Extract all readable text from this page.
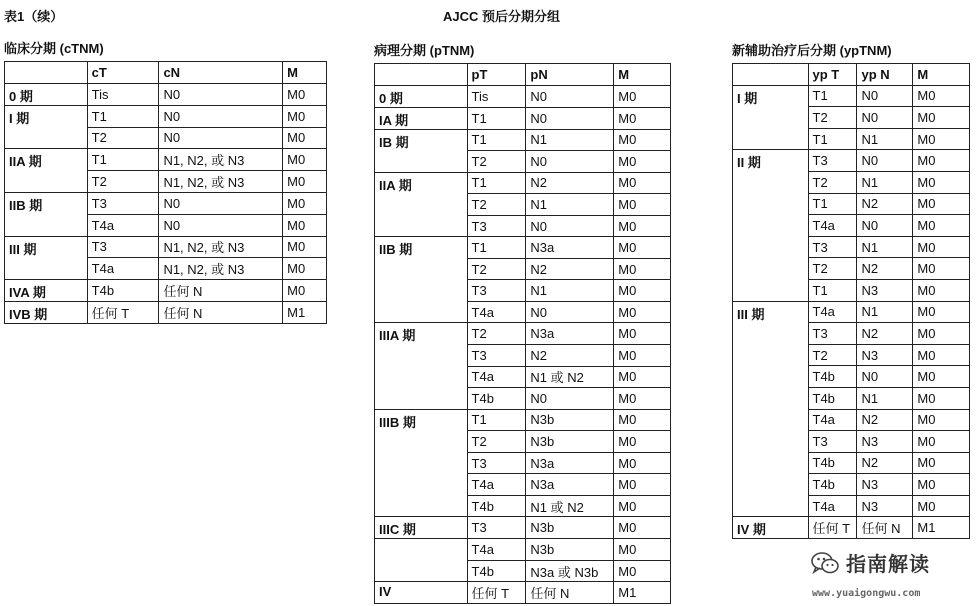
表1（续）	AJCC 预后分期分组
临床分期 (cTNM)
	cT	cN	M
0 期	Tis	N0	M0
I 期	T1	N0	M0
	T2	N0	M0
IIA 期	T1	N1, N2, 或 N3	M0
	T2	N1, N2, 或 N3	M0
IIB 期	T3	N0	M0
	T4a	N0	M0
III 期	T3	N1, N2, 或 N3	M0
	T4a	N1, N2, 或 N3	M0
IVA 期	T4b	任何 N	M0
IVB 期	任何 T	任何 N	M1
病理分期 (pTNM)
	pT	pN	M
0 期	Tis	N0	M0
IA 期	T1	N0	M0
IB 期	T1	N1	M0
	T2	N0	M0
IIA 期	T1	N2	M0
	T2	N1	M0
	T3	N0	M0
IIB 期	T1	N3a	M0
	T2	N2	M0
	T3	N1	M0
	T4a	N0	M0
IIIA 期	T2	N3a	M0
	T3	N2	M0
	T4a	N1 或 N2	M0
	T4b	N0	M0
IIIB 期	T1	N3b	M0
	T2	N3b	M0
	T3	N3a	M0
	T4a	N3a	M0
	T4b	N1 或 N2	M0
IIIC 期	T3	N3b	M0
	T4a	N3b	M0
	T4b	N3a 或 N3b	M0
IV	任何 T	任何 N	M1
新辅助治疗后分期 (ypTNM)
	yp T	yp N	M
I 期	T1	N0	M0
	T2	N0	M0
	T1	N1	M0
II 期	T3	N0	M0
	T2	N1	M0
	T1	N2	M0
	T4a	N0	M0
	T3	N1	M0
	T2	N2	M0
	T1	N3	M0
III 期	T4a	N1	M0
	T3	N2	M0
	T2	N3	M0
	T4b	N0	M0
	T4b	N1	M0
	T4a	N2	M0
	T3	N3	M0
	T4b	N2	M0
	T4b	N3	M0
	T4a	N3	M0
IV 期	任何 T	任何 N	M1
指南解读
www.yuaigongwu.com
